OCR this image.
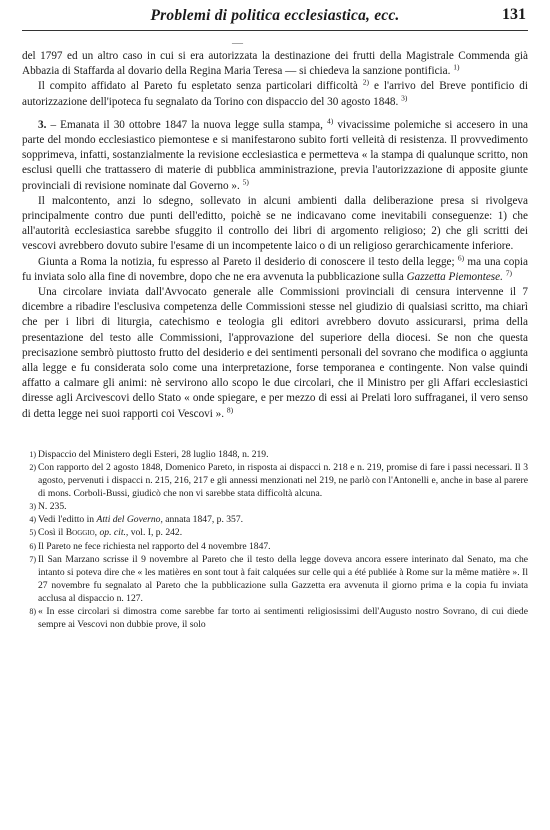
Problemi di politica ecclesiastica, ecc.	131
—

del 1797 ed un altro caso in cui si era autorizzata la destinazione dei frutti della Magistrale Commenda già Abbazia di Staffarda al dovario della Regina Maria Teresa — si chiedeva la sanzione pontificia. $^{1)}$

Il compito affidato al Pareto fu espletato senza particolari difficoltà $^{2)}$ e l'arrivo del Breve pontificio di autorizzazione dell'ipoteca fu segnalato da Torino con dispaccio del 30 agosto 1848. $^{3)}$

3. – Emanata il 30 ottobre 1847 la nuova legge sulla stampa, $^{4)}$ vivacissime polemiche si accesero in una parte del mondo ecclesiastico piemontese e si manifestarono subito forti velleità di resistenza. Il provvedimento sopprimeva, infatti, sostanzialmente la revisione ecclesiastica e permetteva « la stampa di qualunque scritto, non esclusi quelli che trattassero di materie di pubblica amministrazione, previa l'autorizzazione di apposite giunte provinciali di revisione nominate dal Governo ». $^{5)}$

Il malcontento, anzi lo sdegno, sollevato in alcuni ambienti dalla deliberazione presa si rivolgeva principalmente contro due punti dell'editto, poichè se ne indicavano come inevitabili conseguenze: 1) che all'autorità ecclesiastica sarebbe sfuggito il controllo dei libri di argomento religioso; 2) che gli scritti dei vescovi avrebbero dovuto subire l'esame di un incompetente laico o di un religioso gerarchicamente inferiore.

Giunta a Roma la notizia, fu espresso al Pareto il desiderio di conoscere il testo della legge; $^{6)}$ ma una copia fu inviata solo alla fine di novembre, dopo che ne era avvenuta la pubblicazione sulla Gazzetta Piemontese. $^{7)}$

Una circolare inviata dall'Avvocato generale alle Commissioni provinciali di censura intervenne il 7 dicembre a ribadire l'esclusiva competenza delle Commissioni stesse nel giudizio di qualsiasi scritto, ma chiarì che per i libri di liturgia, catechismo e teologia gli editori avrebbero dovuto assicurarsi, prima della presentazione del testo alle Commissioni, l'approvazione del superiore della diocesi. Se non che questa precisazione sembrò piuttosto frutto del desiderio e dei sentimenti personali del sovrano che modifica o aggiunta alla legge e fu considerata solo come una interpretazione, forse temporanea e contingente. Non valse quindi affatto a calmare gli animi: nè servirono allo scopo le due circolari, che il Ministro per gli Affari ecclesiastici diresse agli Arcivescovi dello Stato « onde spiegare, e per mezzo di essi ai Prelati loro suffraganei, il vero senso di detta legge nei suoi rapporti coi Vescovi ». $^{8)}$

1) Dispaccio del Ministero degli Esteri, 28 luglio 1848, n. 219.

2) Con rapporto del 2 agosto 1848, Domenico Pareto, in risposta ai dispacci n. 218 e n. 219, promise di fare i passi necessari. Il 3 agosto, pervenuti i dispacci n. 215, 216, 217 e gli annessi menzionati nel 219, ne parlò con l'Antonelli e, anche in base al parere di mons. Corboli-Bussi, giudicò che non vi sarebbe stata difficoltà alcuna.

3) N. 235.

4) Vedi l'editto in Atti del Governo, annata 1847, p. 357.

5) Così il Boggio, op. cit., vol. I, p. 242.

6) Il Pareto ne fece richiesta nel rapporto del 4 novembre 1847.

7) Il San Marzano scrisse il 9 novembre al Pareto che il testo della legge doveva ancora essere interinato dal Senato, ma che intanto si poteva dire che « les matières en sont tout à fait calquées sur celle qui a été publiée à Rome sur la même matière ». Il 27 novembre fu segnalato al Pareto che la pubblicazione sulla Gazzetta era avvenuta il giorno prima e la copia fu inviata acclusa al dispaccio n. 127.

8) « In esse circolari si dimostra come sarebbe far torto ai sentimenti religiosissimi dell'Augusto nostro Sovrano, di cui diede sempre ai Vescovi non dubbie prove, il solo
